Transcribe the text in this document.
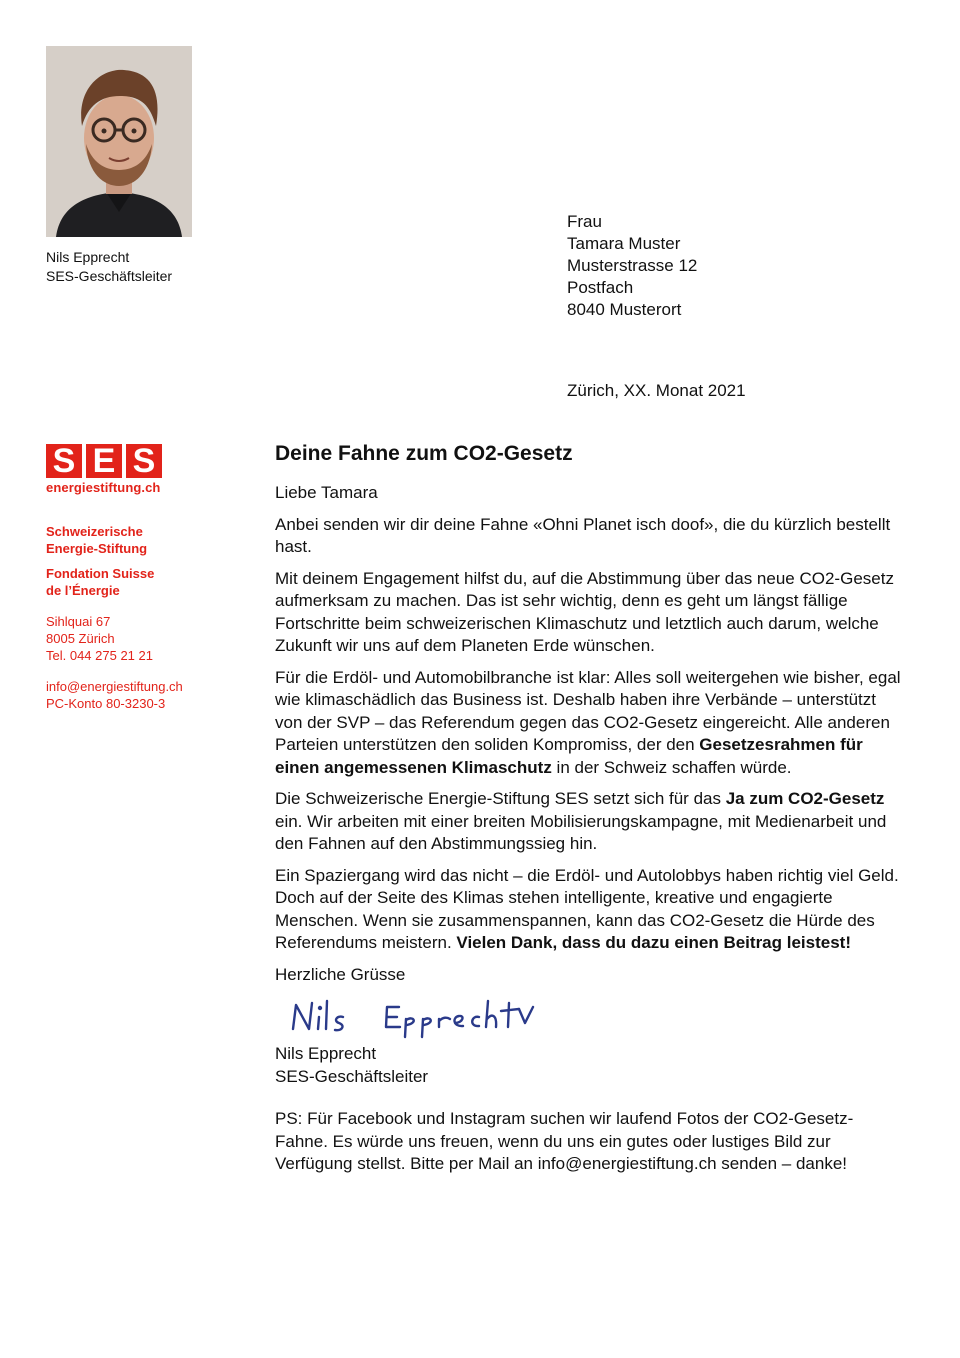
Nils Epprecht
SES-Geschäftsleiter
Frau
Tamara Muster
Musterstrasse 12
Postfach
8040 Musterort
Zürich, XX. Monat 2021
S E S
energiestiftung.ch

Schweizerische

Energie-Stiftung

Fondation Suisse

de l’Énergie

Sihlquai 67

8005 Zürich

Tel. 044 275 21 21

info@energiestiftung.ch

PC-Konto 80-3230-3

Deine Fahne zum CO2-Gesetz

Liebe Tamara

Anbei senden wir dir deine Fahne «Ohni Planet isch doof», die du kürzlich bestellt hast.

Mit deinem Engagement hilfst du, auf die Abstimmung über das neue CO2-Gesetz aufmerksam zu machen. Das ist sehr wichtig, denn es geht um längst fällige Fortschritte beim schweizerischen Klimaschutz und letztlich auch darum, welche Zukunft wir uns auf dem Planeten Erde wünschen.

Für die Erdöl- und Automobilbranche ist klar: Alles soll weitergehen wie bisher, egal wie klimaschädlich das Business ist. Deshalb haben ihre Verbände – unterstützt von der SVP – das Referendum gegen das CO2-Gesetz eingereicht. Alle anderen Parteien unterstützen den soliden Kompromiss, der den Gesetzesrahmen für einen angemessenen Klimaschutz in der Schweiz schaffen würde.

Die Schweizerische Energie-Stiftung SES setzt sich für das Ja zum CO2-Gesetz ein. Wir arbeiten mit einer breiten Mobilisierungskampagne, mit Medienarbeit und den Fahnen auf den Abstimmungssieg hin.

Ein Spaziergang wird das nicht – die Erdöl- und Autolobbys haben richtig viel Geld. Doch auf der Seite des Klimas stehen intelligente, kreative und engagierte Menschen. Wenn sie zusammenspannen, kann das CO2-Gesetz die Hürde des Referendums meistern. Vielen Dank, dass du dazu einen Beitrag leistest!

Herzliche Grüsse

Nils Epprecht

SES-Geschäftsleiter

PS: Für Facebook und Instagram suchen wir laufend Fotos der CO2-Gesetz-Fahne. Es würde uns freuen, wenn du uns ein gutes oder lustiges Bild zur Verfügung stellst. Bitte per Mail an info@energiestiftung.ch senden – danke!
